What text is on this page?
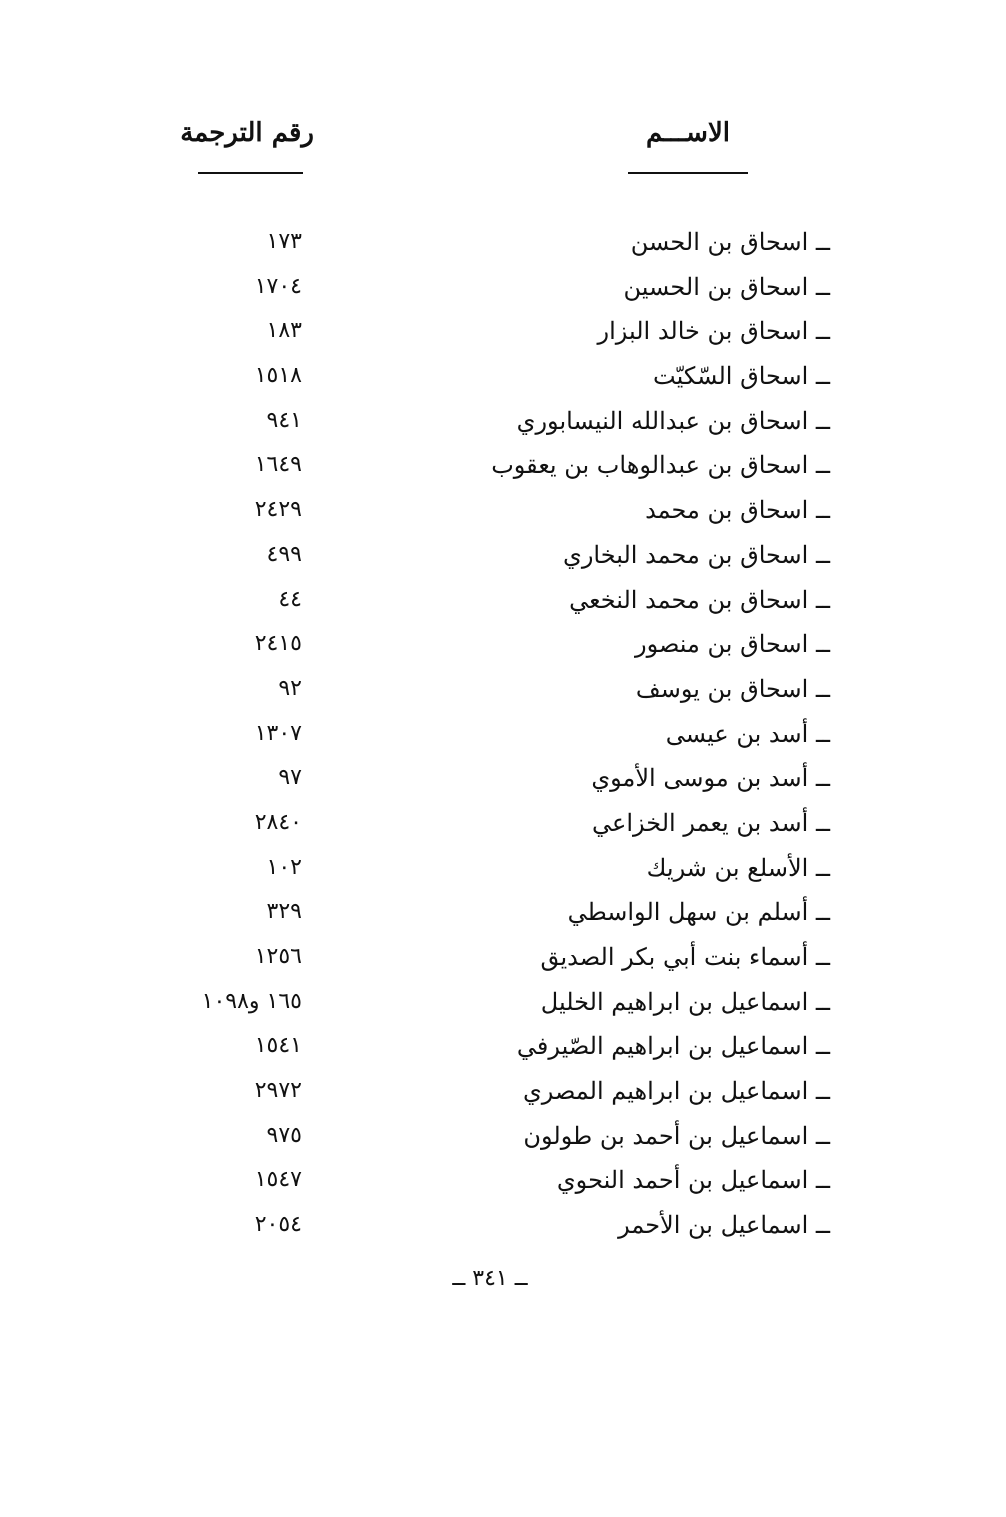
الاســـم
رقم الترجمة
ــ اسحاق بن الحسن
١٧٣
ــ اسحاق بن الحسين
١٧٠٤
ــ اسحاق بن خالد البزار
١٨٣
ــ اسحاق السّكيّت
١٥١٨
ــ اسحاق بن عبدالله النيسابوري
٩٤١
ــ اسحاق بن عبدالوهاب بن يعقوب
١٦٤٩
ــ اسحاق بن محمد
٢٤٢٩
ــ اسحاق بن محمد البخاري
٤٩٩
ــ اسحاق بن محمد النخعي
٤٤
ــ اسحاق بن منصور
٢٤١٥
ــ اسحاق بن يوسف
٩٢
ــ أسد بن عيسى
١٣٠٧
ــ أسد بن موسى الأموي
٩٧
ــ أسد بن يعمر الخزاعي
٢٨٤٠
ــ الأسلع بن شريك
١٠٢
ــ أسلم بن سهل الواسطي
٣٢٩
ــ أسماء بنت أبي بكر الصديق
١٢٥٦
ــ اسماعيل بن ابراهيم الخليل
١٦٥ و١٠٩٨
ــ اسماعيل بن ابراهيم الصّيرفي
١٥٤١
ــ اسماعيل بن ابراهيم المصري
٢٩٧٢
ــ اسماعيل بن أحمد بن طولون
٩٧٥
ــ اسماعيل بن أحمد النحوي
١٥٤٧
ــ اسماعيل بن الأحمر
٢٠٥٤
ــ ٣٤١ ــ
